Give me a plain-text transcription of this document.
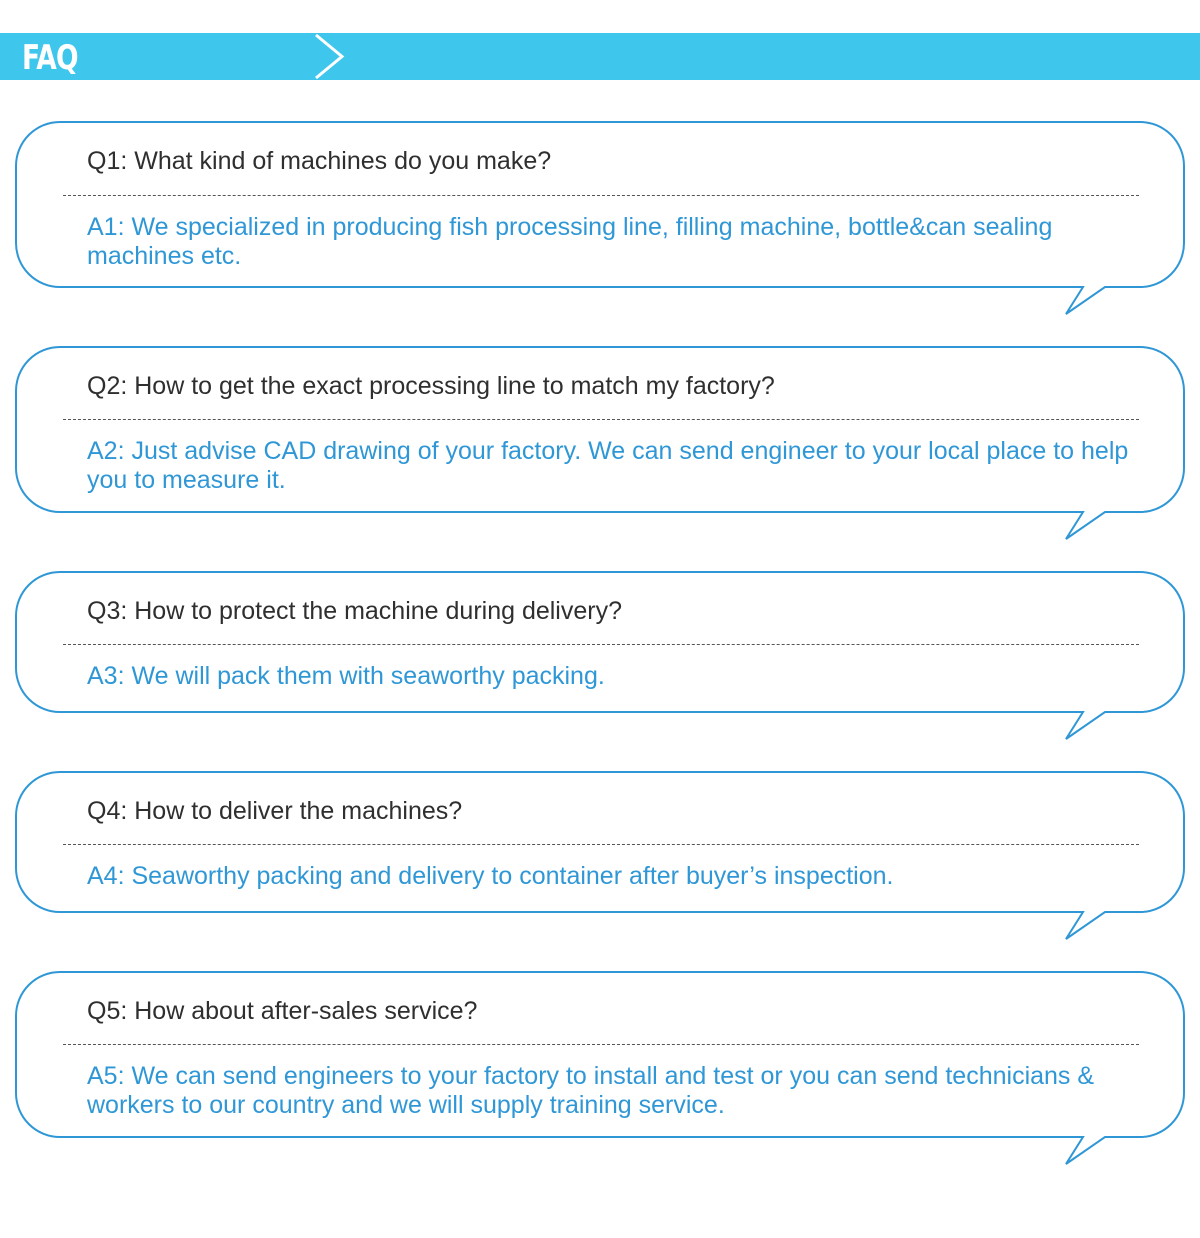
FAQ
Q1: What kind of machines do you make?
A1: We specialized in producing fish processing line, filling machine, bottle&can sealing machines etc.
Q2: How to get the exact processing line to match my factory?
A2: Just advise CAD drawing of your factory. We can send engineer to your local place to help you to measure it.
Q3: How to protect the machine during delivery?
A3: We will pack them with seaworthy packing.
Q4: How to deliver the machines?
A4: Seaworthy packing and delivery to container after buyer’s inspection.
Q5: How about after-sales service?
A5: We can send engineers to your factory to install and test or you can send technicians & workers to our country and we will supply training service.
